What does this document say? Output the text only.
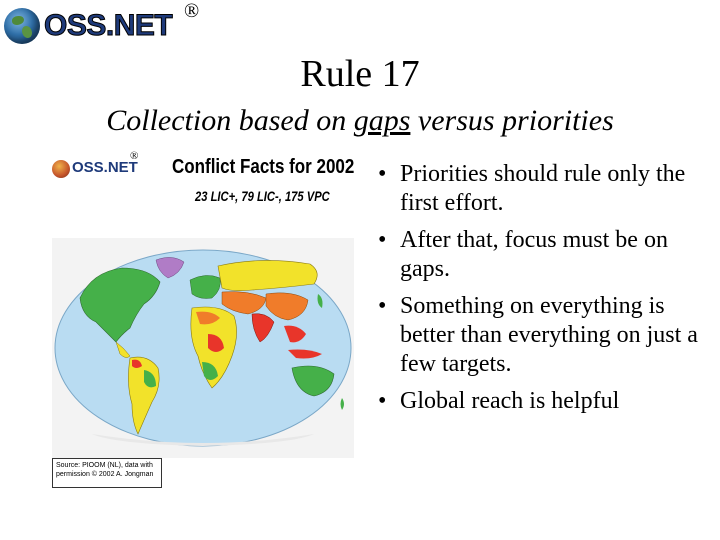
OSS.NET ®
Rule 17
Collection based on gaps versus priorities
OSS.NET
® Conflict Facts for 2002
23 LIC+, 79 LIC-, 175 VPC
Source: PIOOM (NL), data with
permission © 2002 A. Jongman
• Priorities should rule only the first effort.
• After that, focus must be on gaps.
• Something on everything is better than everything on just a few targets.
• Global reach is helpful
